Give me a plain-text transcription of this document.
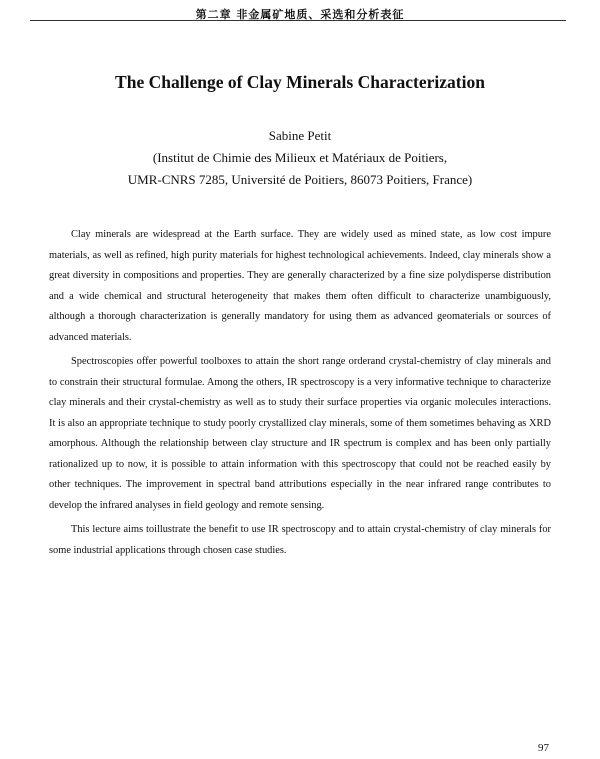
第二章 非金属矿地质、采选和分析表征
The Challenge of Clay Minerals Characterization
Sabine Petit
(Institut de Chimie des Milieux et Matériaux de Poitiers,
UMR-CNRS 7285, Université de Poitiers, 86073 Poitiers, France)

Clay minerals are widespread at the Earth surface. They are widely used as mined state, as low cost impure materials, as well as refined, high purity materials for highest technological achievements. Indeed, clay minerals show a great diversity in compositions and properties. They are generally characterized by a fine size polydisperse distribution and a wide chemical and structural heterogeneity that makes them often difficult to characterize unambiguously, although a thorough characterization is generally mandatory for using them as advanced geomaterials or sources of advanced materials.

Spectroscopies offer powerful toolboxes to attain the short range orderand crystal-chemistry of clay minerals and to constrain their structural formulae. Among the others, IR spectroscopy is a very informative technique to characterize clay minerals and their crystal-chemistry as well as to study their surface properties via organic molecules interactions. It is also an appropriate technique to study poorly crystallized clay minerals, some of them sometimes behaving as XRD amorphous. Although the relationship between clay structure and IR spectrum is complex and has been only partially rationalized up to now, it is possible to attain information with this spectroscopy that could not be reached easily by other techniques. The improvement in spectral band attributions especially in the near infrared range contributes to develop the infrared analyses in field geology and remote sensing.

This lecture aims toillustrate the benefit to use IR spectroscopy and to attain crystal-chemistry of clay minerals for some industrial applications through chosen case studies.

97
